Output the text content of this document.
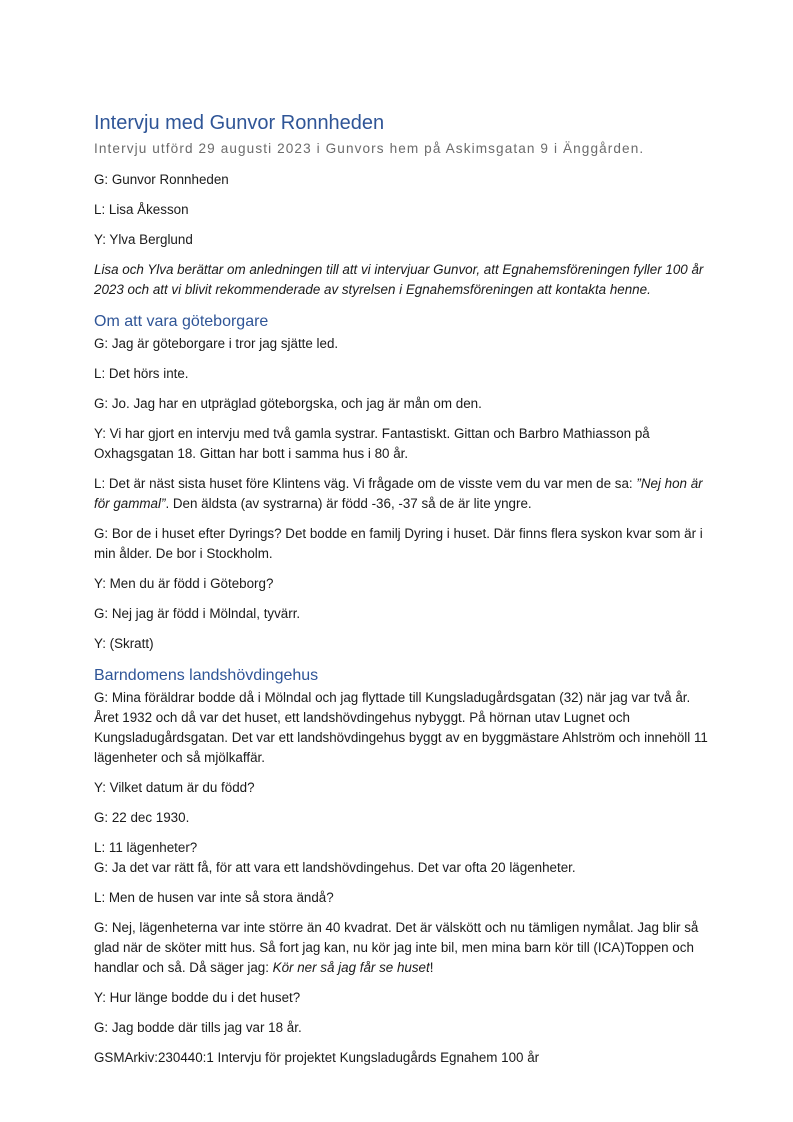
Intervju med Gunvor Ronnheden
Intervju utförd 29 augusti 2023 i Gunvors hem på Askimsgatan 9 i Änggården.

G: Gunvor Ronnheden

L: Lisa Åkesson

Y: Ylva Berglund

Lisa och Ylva berättar om anledningen till att vi intervjuar Gunvor, att Egnahemsföreningen fyller 100 år 2023 och att vi blivit rekommenderade av styrelsen i Egnahemsföreningen att kontakta henne.

Om att vara göteborgare

G: Jag är göteborgare i tror jag sjätte led.

L: Det hörs inte.

G: Jo. Jag har en utpräglad göteborgska, och jag är mån om den.

Y: Vi har gjort en intervju med två gamla systrar. Fantastiskt. Gittan och Barbro Mathiasson på Oxhagsgatan 18. Gittan har bott i samma hus i 80 år.

L: Det är näst sista huset före Klintens väg. Vi frågade om de visste vem du var men de sa: ”Nej hon är för gammal”. Den äldsta (av systrarna) är född -36, -37 så de är lite yngre.

G: Bor de i huset efter Dyrings? Det bodde en familj Dyring i huset. Där finns flera syskon kvar som är i min ålder. De bor i Stockholm.

Y: Men du är född i Göteborg?

G: Nej jag är född i Mölndal, tyvärr.

Y: (Skratt)

Barndomens landshövdingehus

G: Mina föräldrar bodde då i Mölndal och jag flyttade till Kungsladugårdsgatan (32) när jag var två år. Året 1932 och då var det huset, ett landshövdingehus nybyggt. På hörnan utav Lugnet och Kungsladugårdsgatan. Det var ett landshövdingehus byggt av en byggmästare Ahlström och innehöll 11 lägenheter och så mjölkaffär.

Y: Vilket datum är du född?

G: 22 dec 1930.

L: 11 lägenheter?
G: Ja det var rätt få, för att vara ett landshövdingehus. Det var ofta 20 lägenheter.

L: Men de husen var inte så stora ändå?

G: Nej, lägenheterna var inte större än 40 kvadrat. Det är välskött och nu tämligen nymålat. Jag blir så glad när de sköter mitt hus. Så fort jag kan, nu kör jag inte bil, men mina barn kör till (ICA)Toppen och handlar och så. Då säger jag: Kör ner så jag får se huset!

Y: Hur länge bodde du i det huset?

G: Jag bodde där tills jag var 18 år.

GSMArkiv:230440:1 Intervju för projektet Kungsladugårds Egnahem 100 år
